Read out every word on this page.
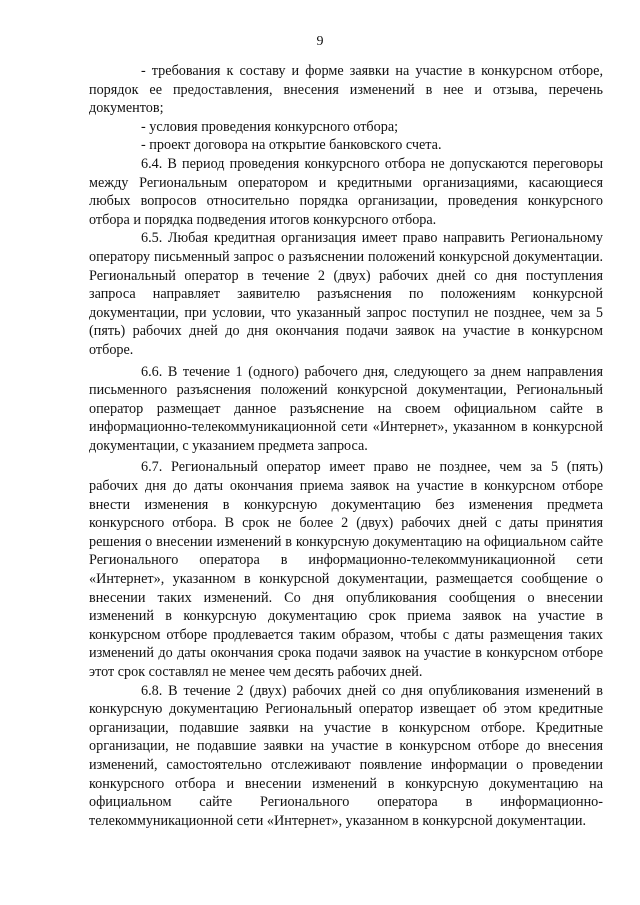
9

- требования к составу и форме заявки на участие в конкурсном отборе, порядок ее предоставления, внесения изменений в нее и отзыва, перечень документов;

- условия проведения конкурсного отбора;

- проект договора на открытие банковского счета.

6.4. В период проведения конкурсного отбора не допускаются переговоры между Региональным оператором и кредитными организациями, касающиеся любых вопросов относительно порядка организации, проведения конкурсного отбора и порядка подведения итогов конкурсного отбора.

6.5. Любая кредитная организация имеет право направить Региональному оператору письменный запрос о разъяснении положений конкурсной документации. Региональный оператор в течение 2 (двух) рабочих дней со дня поступления запроса направляет заявителю разъяснения по положениям конкурсной документации, при условии, что указанный запрос поступил не позднее, чем за 5 (пять) рабочих дней до дня окончания подачи заявок на участие в конкурсном отборе.

6.6. В течение 1 (одного) рабочего дня, следующего за днем направления письменного разъяснения положений конкурсной документации, Региональный оператор размещает данное разъяснение на своем официальном сайте в информационно-телекоммуникационной сети «Интернет», указанном в конкурсной документации, с указанием предмета запроса.

6.7. Региональный оператор имеет право не позднее, чем за 5 (пять) рабочих дня до даты окончания приема заявок на участие в конкурсном отборе внести изменения в конкурсную документацию без изменения предмета конкурсного отбора. В срок не более 2 (двух) рабочих дней с даты принятия решения о внесении изменений в конкурсную документацию на официальном сайте Регионального оператора в информационно-телекоммуникационной сети «Интернет», указанном в конкурсной документации, размещается сообщение о внесении таких изменений. Со дня опубликования сообщения о внесении изменений в конкурсную документацию срок приема заявок на участие в конкурсном отборе продлевается таким образом, чтобы с даты размещения таких изменений до даты окончания срока подачи заявок на участие в конкурсном отборе этот срок составлял не менее чем десять рабочих дней.

6.8. В течение 2 (двух) рабочих дней со дня опубликования изменений в конкурсную документацию Региональный оператор извещает об этом кредитные организации, подавшие заявки на участие в конкурсном отборе. Кредитные организации, не подавшие заявки на участие в конкурсном отборе до внесения изменений, самостоятельно отслеживают появление информации о проведении конкурсного отбора и внесении изменений в конкурсную документацию на официальном сайте Регионального оператора в информационно-телекоммуникационной сети «Интернет», указанном в конкурсной документации.
